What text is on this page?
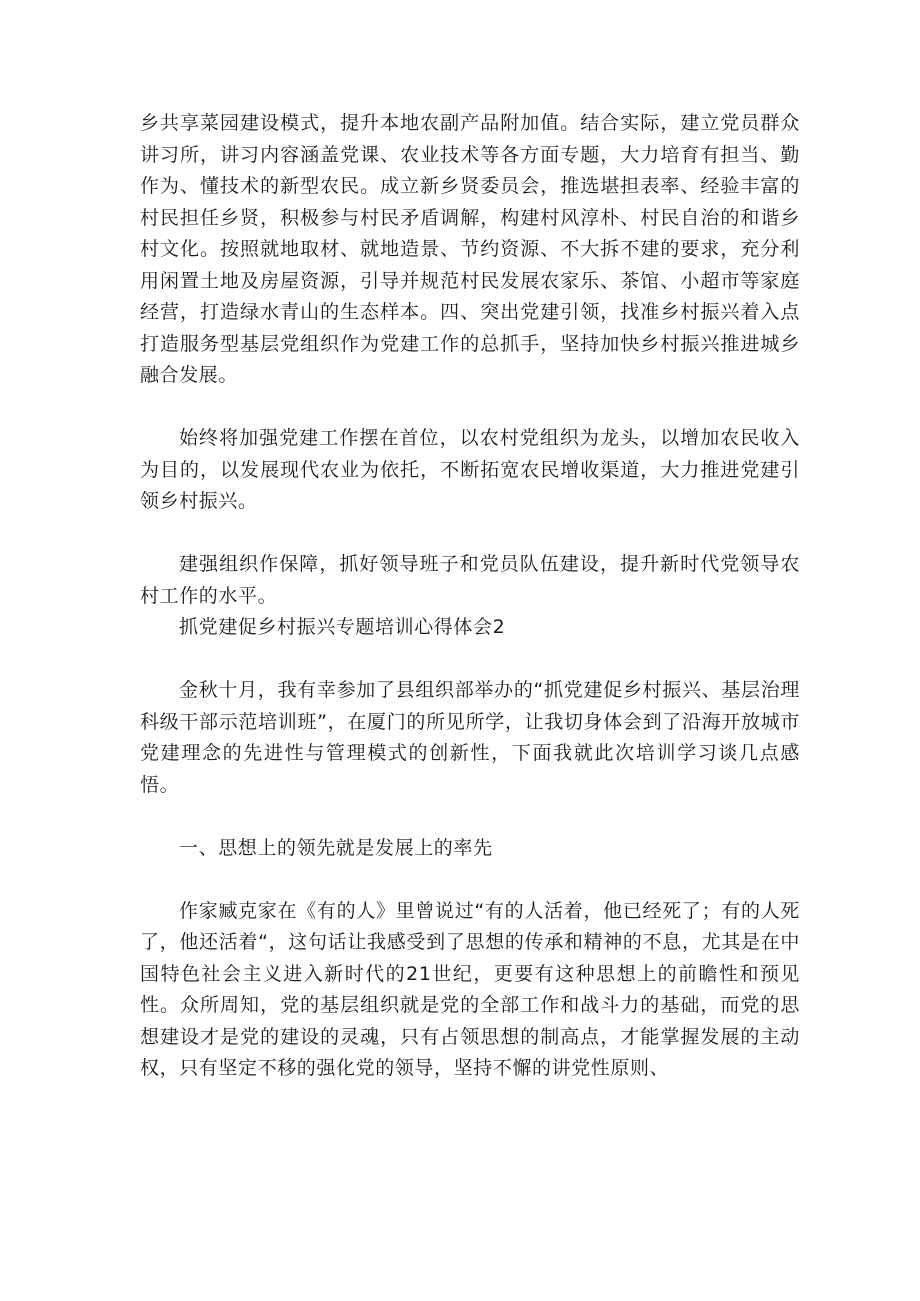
乡共享菜园建设模式，提升本地农副产品附加值。结合实际，建立党员群众讲习所，讲习内容涵盖党课、农业技术等各方面专题，大力培育有担当、勤作为、懂技术的新型农民。成立新乡贤委员会，推选堪担表率、经验丰富的村民担任乡贤，积极参与村民矛盾调解，构建村风淳朴、村民自治的和谐乡村文化。按照就地取材、就地造景、节约资源、不大拆不建的要求，充分利用闲置土地及房屋资源，引导并规范村民发展农家乐、茶馆、小超市等家庭经营，打造绿水青山的生态样本。四、突出党建引领，找准乡村振兴着入点打造服务型基层党组织作为党建工作的总抓手，坚持加快乡村振兴推进城乡融合发展。

始终将加强党建工作摆在首位，以农村党组织为龙头，以增加农民收入为目的，以发展现代农业为依托，不断拓宽农民增收渠道，大力推进党建引领乡村振兴。

建强组织作保障，抓好领导班子和党员队伍建设，提升新时代党领导农村工作的水平。

抓党建促乡村振兴专题培训心得体会2

金秋十月，我有幸参加了县组织部举办的“抓党建促乡村振兴、基层治理科级干部示范培训班”，在厦门的所见所学，让我切身体会到了沿海开放城市党建理念的先进性与管理模式的创新性，下面我就此次培训学习谈几点感悟。

一、思想上的领先就是发展上的率先

作家臧克家在《有的人》里曾说过“有的人活着，他已经死了；有的人死了，他还活着“，这句话让我感受到了思想的传承和精神的不息，尤其是在中国特色社会主义进入新时代的21世纪，更要有这种思想上的前瞻性和预见性。众所周知，党的基层组织就是党的全部工作和战斗力的基础，而党的思想建设才是党的建设的灵魂，只有占领思想的制高点，才能掌握发展的主动权，只有坚定不移的强化党的领导，坚持不懈的讲党性原则、
